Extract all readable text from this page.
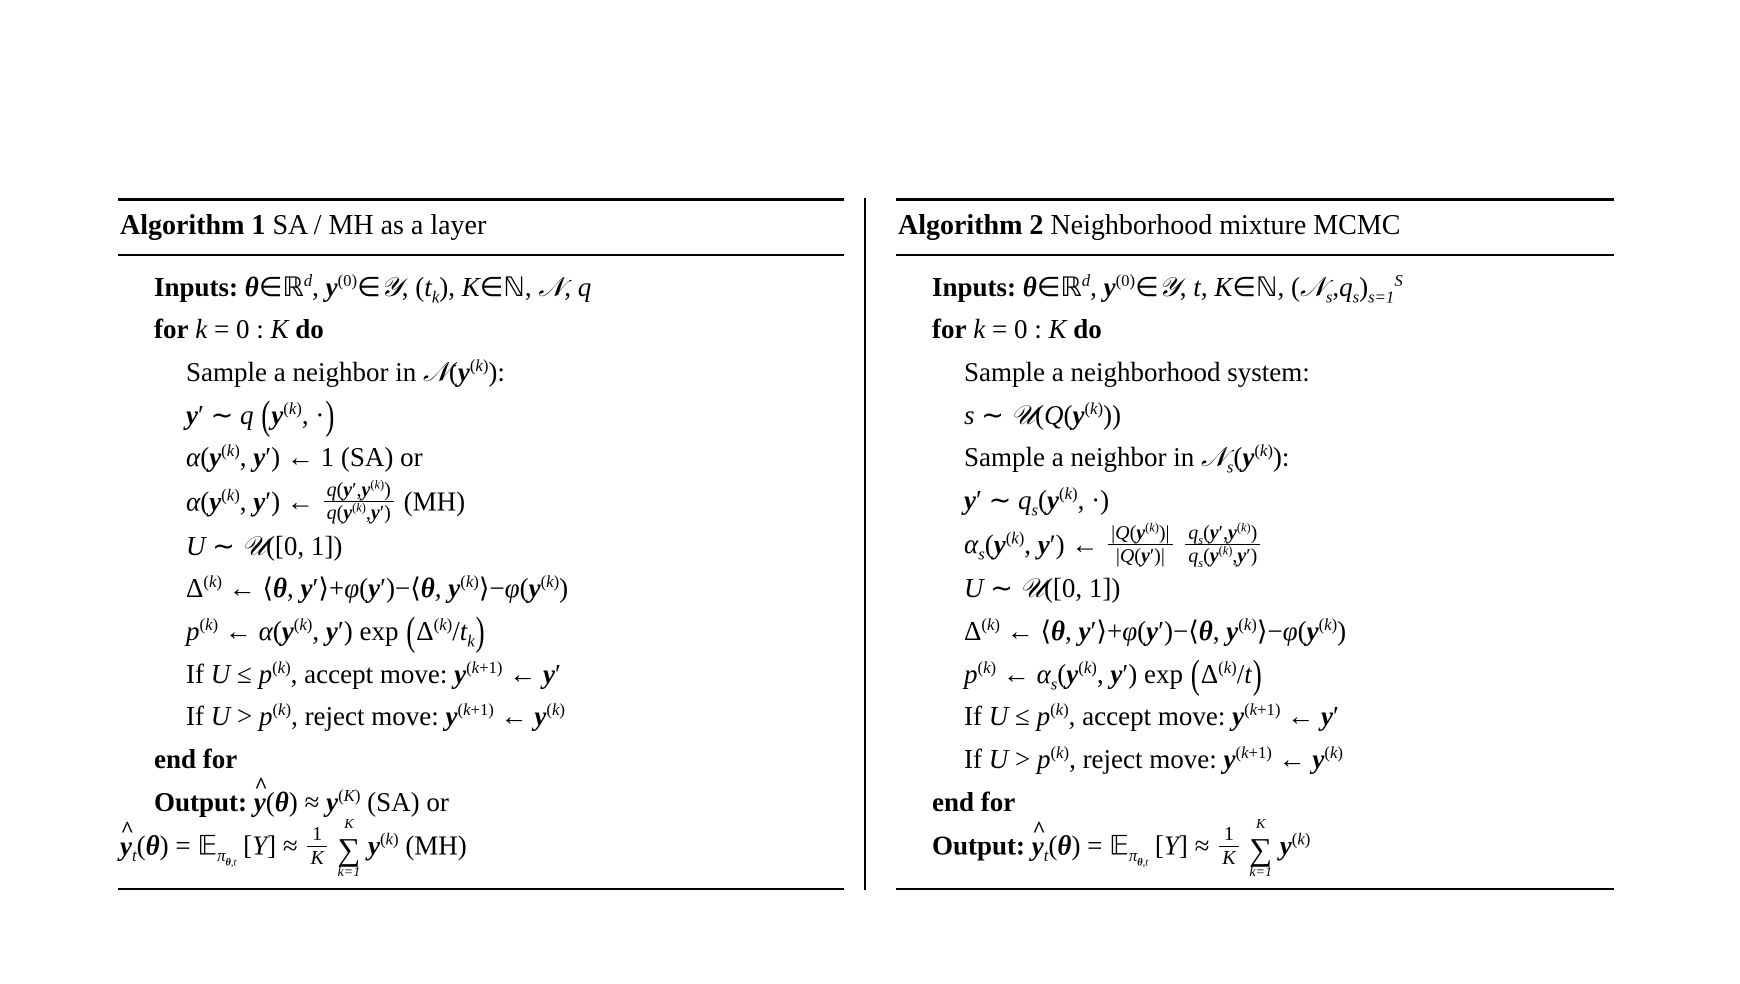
Algorithm 1 SA / MH as a layer
Inputs: θ∈ℝ$^d$, $y^{(0)}\in 𝒴$, $(t_k)$, K∈ℕ, 𝒩, q
for k = 0 : K do
Sample a neighbor in $𝒩(y^{(k)})$:
y′ ∼ q ($y^{(k)}$, ·)
$\alpha(y^{(k)}$, y′) ← 1 (SA) or
$\alpha(y^{(k)}$, y′) ← $\frac{q(y',y^{(k)})}{q(y^{(k)},y')} (MH)$
U ∼ 𝒰([0, 1])
$\Delta^{(k)}$ ← ⟨θ, y′⟩+φ(y′)−⟨θ, $y^{(k)}⟩-\varphi(y^{(k)})$
$p^{(k)}$ ← $\alpha(y^{(k)}$, y′) $\exp (\Delta^{(k)}/t_k)$
If $U \le p^{(k)}$, accept move: $y^{(k+1)}$ ← y′
If $U > p^{(k)}$, reject move: $y^{(k+1)}$ ← $y^{(k)}$
end for
Output: y ^(θ) ≈ $y^{(K)}$ (SA) or
y $\^{}_t(\theta)$ = 𝔼$_{\pi_{\theta,t}}$ $[Y] \approx \frac{1}{K}$ ∑
K
k=1
$y^{(k)}$ (MH)
Algorithm 2 Neighborhood mixture MCMC
Inputs: θ∈ℝ$^d$, $y^{(0)}\in 𝒴$, t, K∈ℕ, $(𝒩_s,q_s)_{s=1}^S$
for k = 0 : K do
Sample a neighborhood system:
s ∼ $𝒰(Q(y^{(k)}))$
Sample a neighbor in $𝒩_s(y^{(k)})$:
y′ ∼ $q_s(y^{(k)}$, ·)
$\alpha_s(y^{(k)}$, y′) ← $\frac{|Q(y^{(k)})|}{|Q(y')|}$
$\frac{q_s(y',y^{(k)})}{q_s(y^{(k)},y')}$
U ∼ 𝒰([0, 1])
$\Delta^{(k)}$ ← ⟨θ, y′⟩+φ(y′)−⟨θ, $y^{(k)}⟩-\varphi(y^{(k)})$
$p^{(k)}$ ← $\alpha_s(y^{(k)}$, y′) $\exp (\Delta^{(k)}/t)$
If $U \le p^{(k)}$, accept move: $y^{(k+1)}$ ← y′
If $U > p^{(k)}$, reject move: $y^{(k+1)}$ ← $y^{(k)}$
end for
Output: y $\^{}_t(\theta)$ = 𝔼$_{\pi_{\theta,t}}$ $[Y] \approx \frac{1}{K}$ ∑
K
k=1
$y^{(k)}$
